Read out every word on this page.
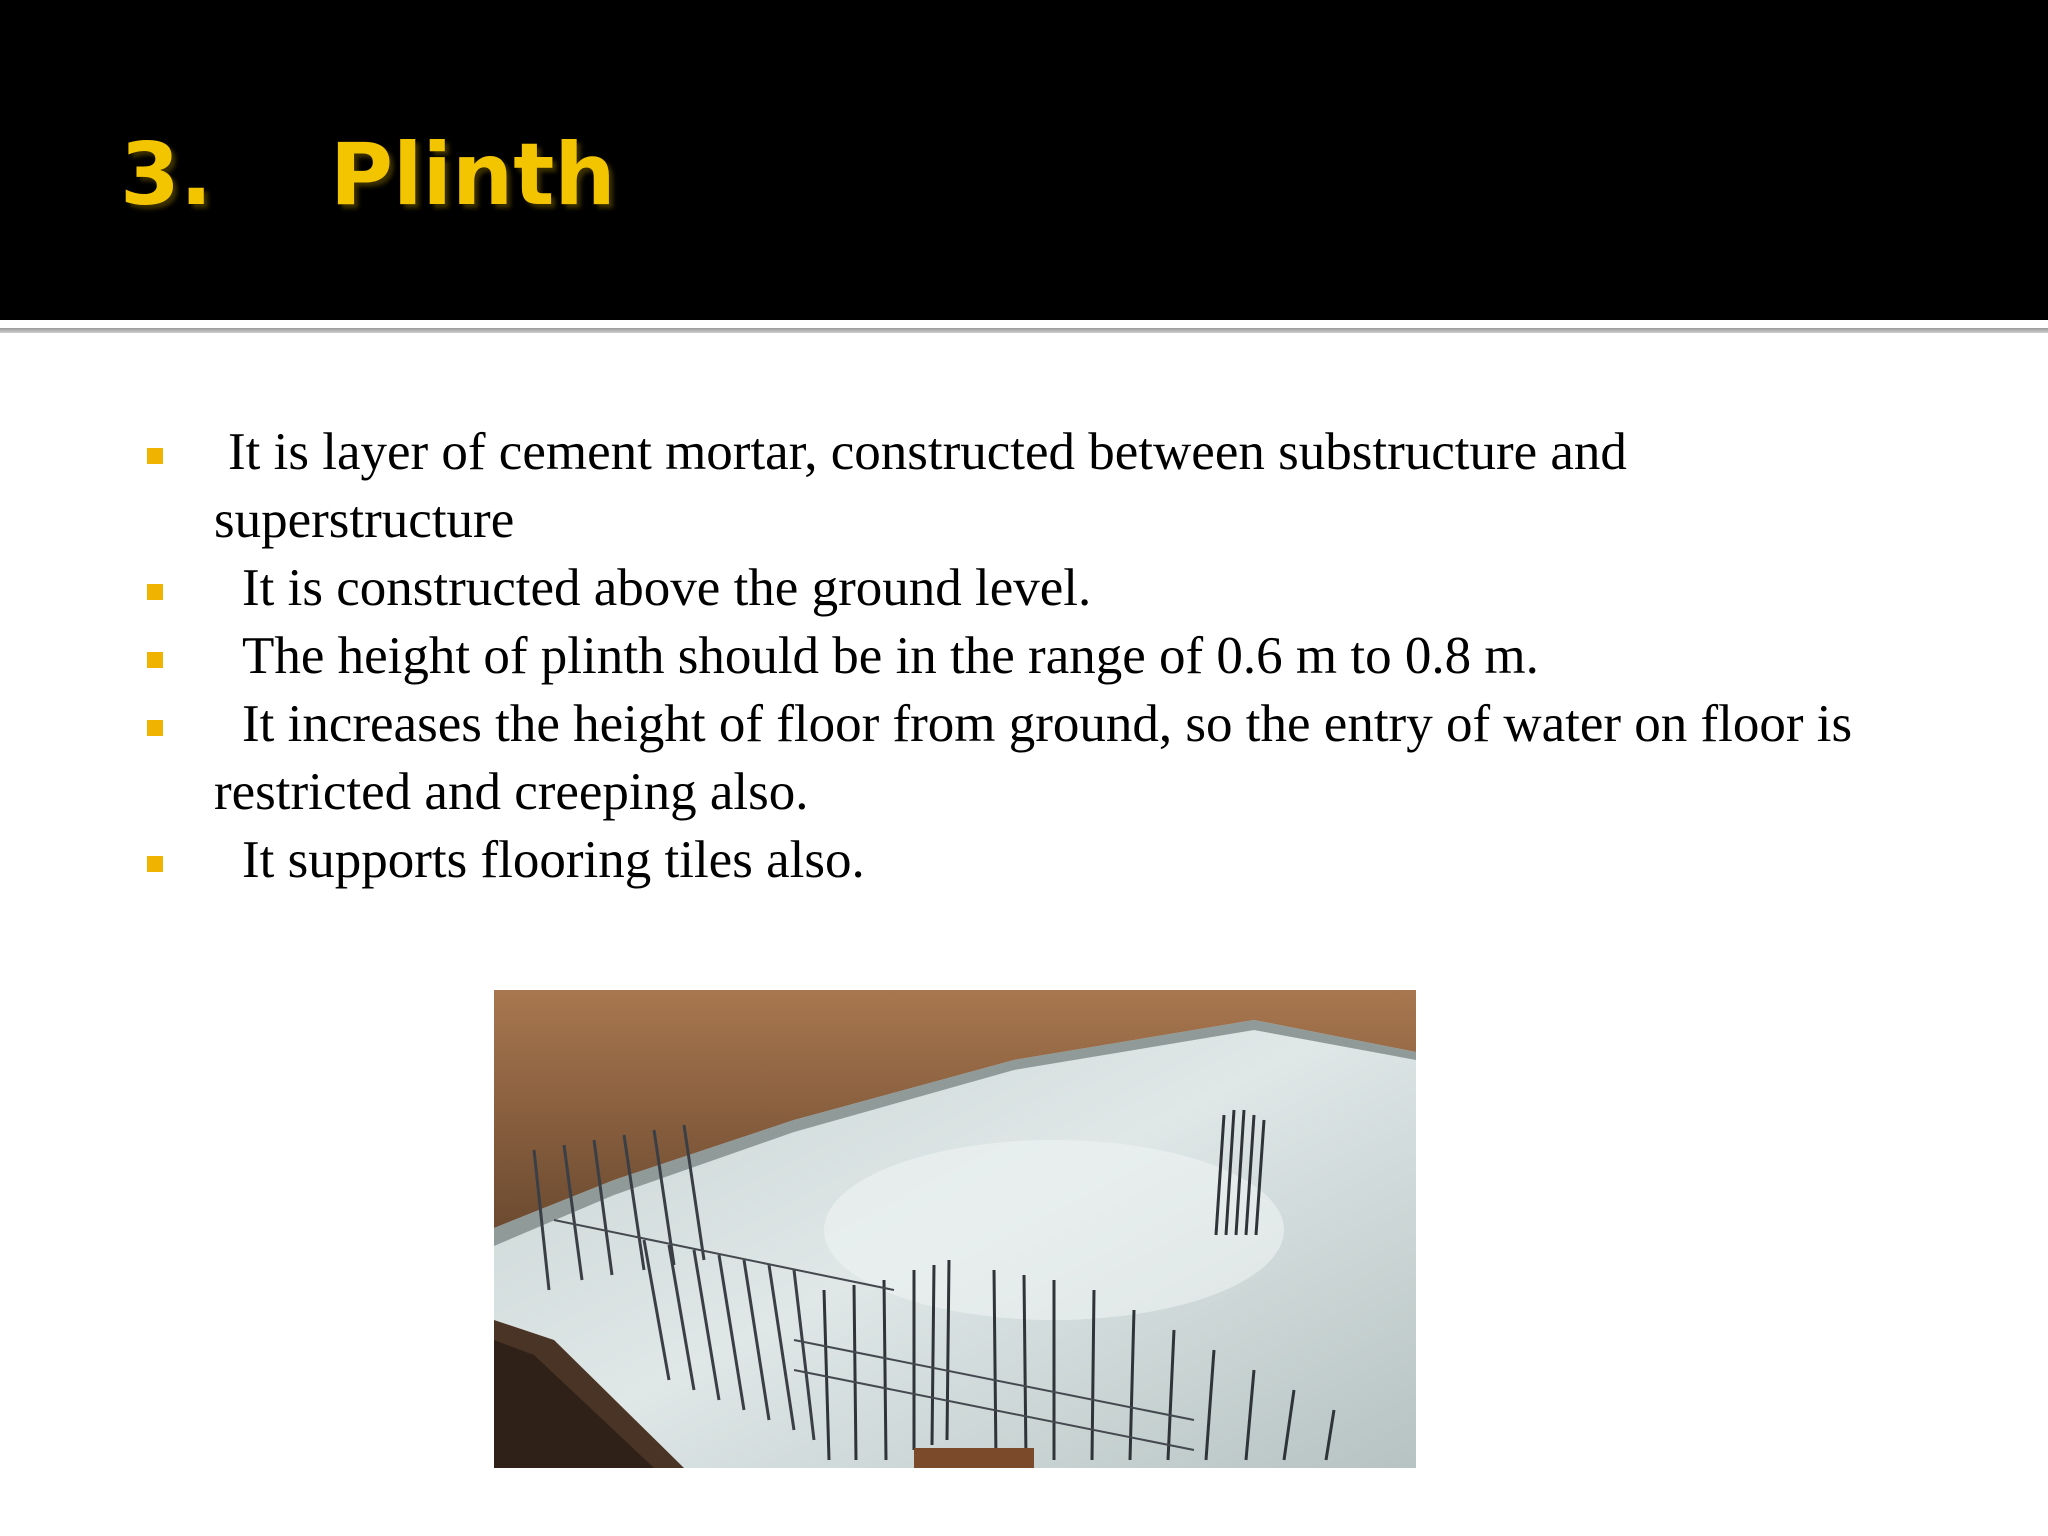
3. Plinth
It is layer of cement mortar, constructed between substructure and superstructure
It is constructed above the ground level.
The height of plinth should be in the range of 0.6 m to 0.8 m.
It increases the height of floor from ground, so the entry of water on floor is restricted and creeping also.
It supports flooring tiles also.
